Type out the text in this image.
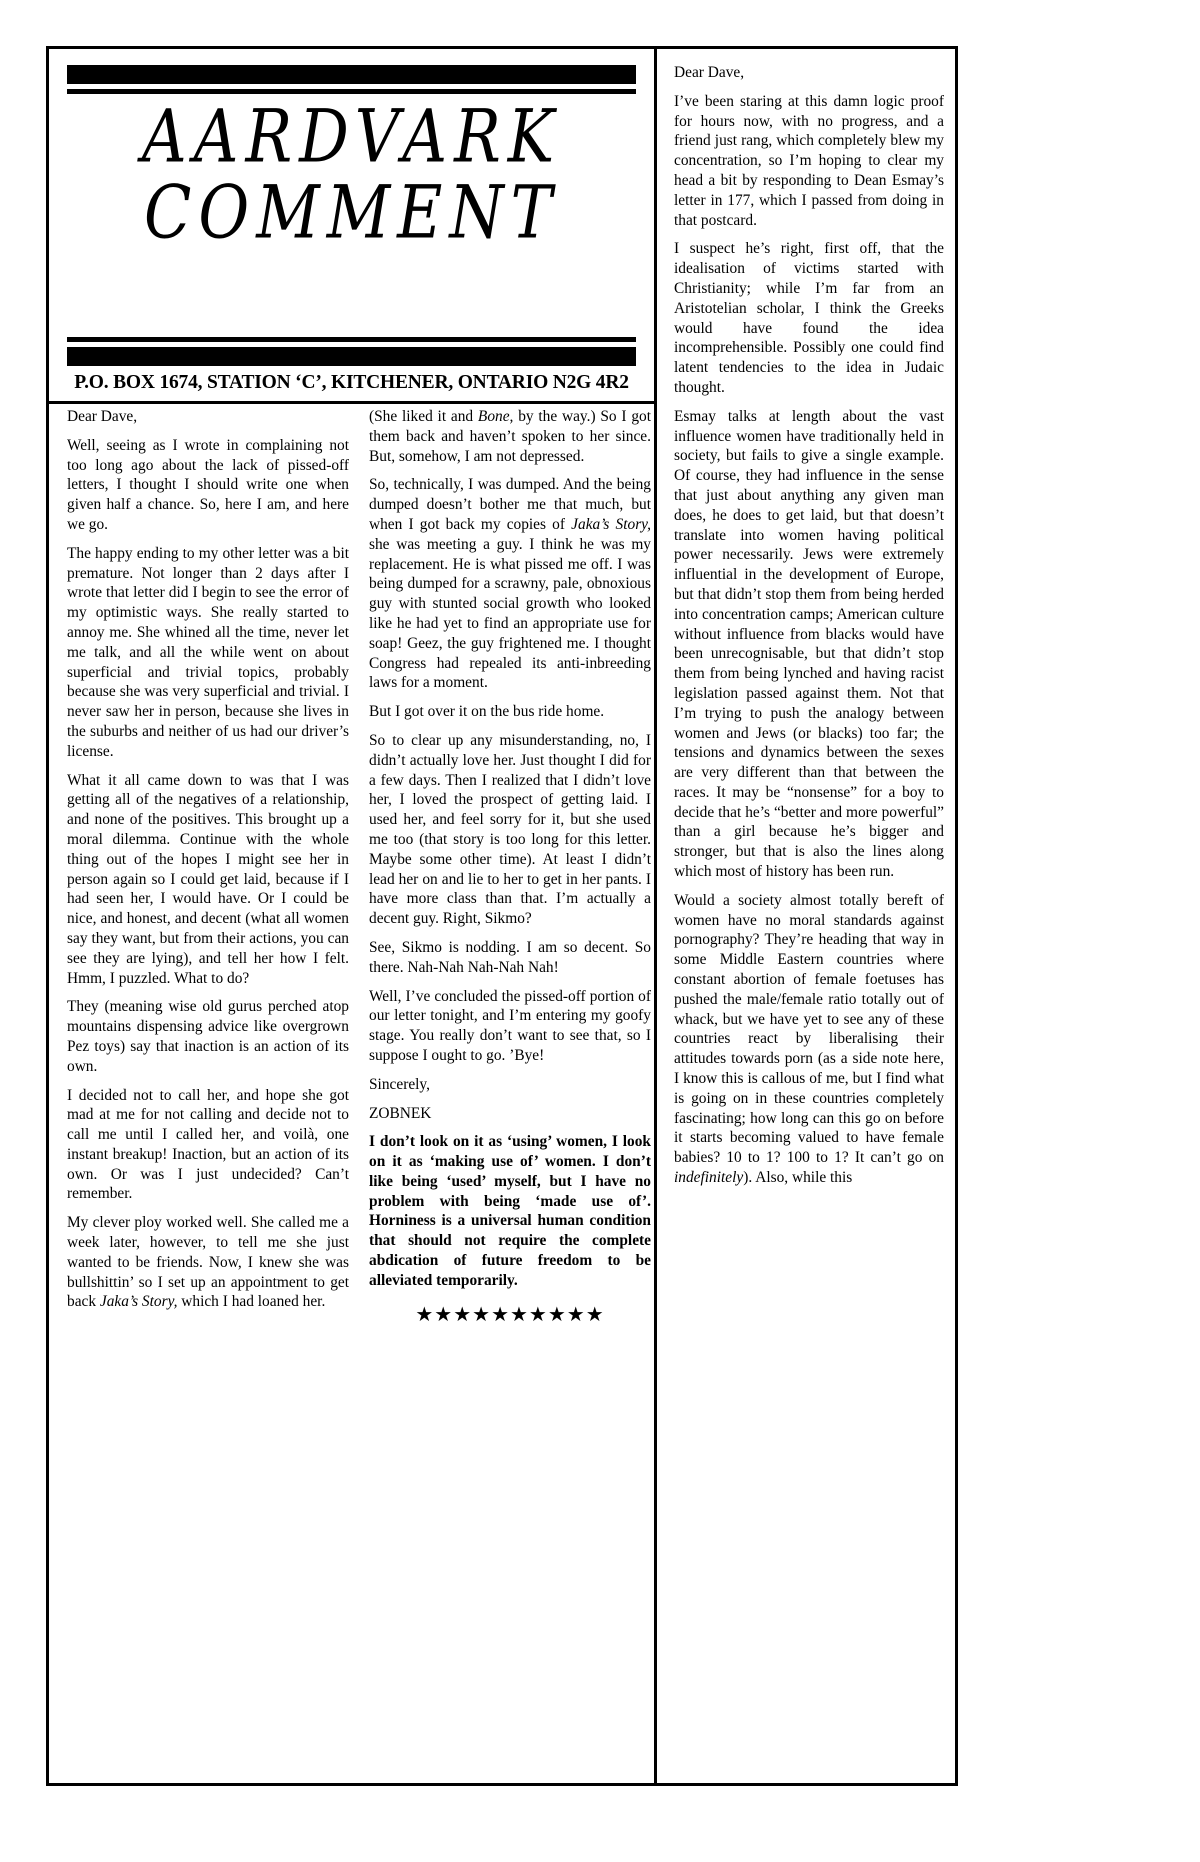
AARDVARK
COMMENT
P.O. BOX 1674, STATION ‘C’, KITCHENER, ONTARIO N2G 4R2

Dear Dave,

Well, seeing as I wrote in complaining not too long ago about the lack of pissed-off letters, I thought I should write one when given half a chance. So, here I am, and here we go.

The happy ending to my other letter was a bit premature. Not longer than 2 days after I wrote that letter did I begin to see the error of my optimistic ways. She really started to annoy me. She whined all the time, never let me talk, and all the while went on about superficial and trivial topics, probably because she was very superficial and trivial. I never saw her in person, because she lives in the suburbs and neither of us had our driver’s license.

What it all came down to was that I was getting all of the negatives of a relationship, and none of the positives. This brought up a moral dilemma. Continue with the whole thing out of the hopes I might see her in person again so I could get laid, because if I had seen her, I would have. Or I could be nice, and honest, and decent (what all women say they want, but from their actions, you can see they are lying), and tell her how I felt. Hmm, I puzzled. What to do?

They (meaning wise old gurus perched atop mountains dispensing advice like overgrown Pez toys) say that inaction is an action of its own.

I decided not to call her, and hope she got mad at me for not calling and decide not to call me until I called her, and voilà, one instant breakup! Inaction, but an action of its own. Or was I just undecided? Can’t remember.

My clever ploy worked well. She called me a week later, however, to tell me she just wanted to be friends. Now, I knew she was bullshittin’ so I set up an appointment to get back Jaka’s Story, which I had loaned her.

(She liked it and Bone, by the way.) So I got them back and haven’t spoken to her since. But, somehow, I am not depressed.

So, technically, I was dumped. And the being dumped doesn’t bother me that much, but when I got back my copies of Jaka’s Story, she was meeting a guy. I think he was my replacement. He is what pissed me off. I was being dumped for a scrawny, pale, obnoxious guy with stunted social growth who looked like he had yet to find an appropriate use for soap! Geez, the guy frightened me. I thought Congress had repealed its anti-inbreeding laws for a moment.

But I got over it on the bus ride home.

So to clear up any misunderstanding, no, I didn’t actually love her. Just thought I did for a few days. Then I realized that I didn’t love her, I loved the prospect of getting laid. I used her, and feel sorry for it, but she used me too (that story is too long for this letter. Maybe some other time). At least I didn’t lead her on and lie to her to get in her pants. I have more class than that. I’m actually a decent guy. Right, Sikmo?

See, Sikmo is nodding. I am so decent. So there. Nah-Nah Nah-Nah Nah!

Well, I’ve concluded the pissed-off portion of our letter tonight, and I’m entering my goofy stage. You really don’t want to see that, so I suppose I ought to go. ’Bye!

Sincerely,

ZOBNEK

I don’t look on it as ‘using’ women, I look on it as ‘making use of’ women. I don’t like being ‘used’ myself, but I have no problem with being ‘made use of’. Horniness is a universal human condition that should not require the complete abdication of future freedom to be alleviated temporarily.

★★★★★★★★★★

Dear Dave,

I’ve been staring at this damn logic proof for hours now, with no progress, and a friend just rang, which completely blew my concentration, so I’m hoping to clear my head a bit by responding to Dean Esmay’s letter in 177, which I passed from doing in that postcard.

I suspect he’s right, first off, that the idealisation of victims started with Christianity; while I’m far from an Aristotelian scholar, I think the Greeks would have found the idea incomprehensible. Possibly one could find latent tendencies to the idea in Judaic thought.

Esmay talks at length about the vast influence women have traditionally held in society, but fails to give a single example. Of course, they had influence in the sense that just about anything any given man does, he does to get laid, but that doesn’t translate into women having political power necessarily. Jews were extremely influential in the development of Europe, but that didn’t stop them from being herded into concentration camps; American culture without influence from blacks would have been unrecognisable, but that didn’t stop them from being lynched and having racist legislation passed against them. Not that I’m trying to push the analogy between women and Jews (or blacks) too far; the tensions and dynamics between the sexes are very different than that between the races. It may be “nonsense” for a boy to decide that he’s “better and more powerful” than a girl because he’s bigger and stronger, but that is also the lines along which most of history has been run.

Would a society almost totally bereft of women have no moral standards against pornography? They’re heading that way in some Middle Eastern countries where constant abortion of female foetuses has pushed the male/female ratio totally out of whack, but we have yet to see any of these countries react by liberalising their attitudes towards porn (as a side note here, I know this is callous of me, but I find what is going on in these countries completely fascinating; how long can this go on before it starts becoming valued to have female babies? 10 to 1? 100 to 1? It can’t go on indefinitely). Also, while this
